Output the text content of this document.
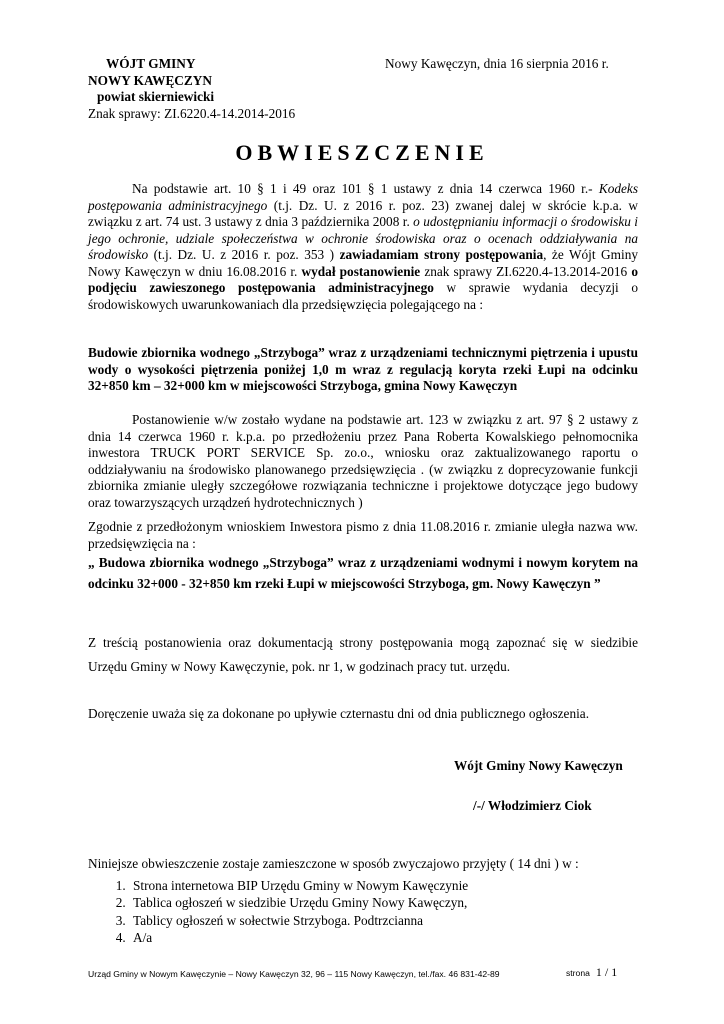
WÓJT GMINY
NOWY KAWĘCZYN
powiat skierniewicki
Znak sprawy: ZI.6220.4-14.2014-2016
Nowy Kawęczyn, dnia 16 sierpnia 2016 r.
OBWIESZCZENIE

Na podstawie art. 10 § 1 i 49 oraz 101 § 1 ustawy z dnia 14 czerwca 1960 r.- Kodeks postępowania administracyjnego (t.j. Dz. U. z 2016 r. poz. 23) zwanej dalej w skrócie k.p.a. w związku z art. 74 ust. 3 ustawy z dnia 3 października 2008 r. o udostępnianiu informacji o środowisku i jego ochronie, udziale społeczeństwa w ochronie środowiska oraz o ocenach oddziaływania na środowisko (t.j. Dz. U. z 2016 r. poz. 353 ) zawiadamiam strony postępowania, że Wójt Gminy Nowy Kawęczyn w dniu 16.08.2016 r. wydał postanowienie znak sprawy ZI.6220.4-13.2014-2016 o podjęciu zawieszonego postępowania administracyjnego w sprawie wydania decyzji o środowiskowych uwarunkowaniach dla przedsięwzięcia polegającego na :

Budowie zbiornika wodnego „Strzyboga” wraz z urządzeniami technicznymi piętrzenia i upustu wody o wysokości piętrzenia poniżej 1,0 m wraz z regulacją koryta rzeki Łupi na odcinku 32+850 km – 32+000 km w miejscowości Strzyboga, gmina Nowy Kawęczyn
Postanowienie w/w zostało wydane na podstawie art. 123 w związku z art. 97 § 2 ustawy z dnia 14 czerwca 1960 r. k.p.a. po przedłożeniu przez Pana Roberta Kowalskiego pełnomocnika inwestora TRUCK PORT SERVICE Sp. zo.o., wniosku oraz zaktualizowanego raportu o oddziaływaniu na środowisko planowanego przedsięwzięcia . (w związku z doprecyzowanie funkcji zbiornika zmianie uległy szczegółowe rozwiązania techniczne i projektowe dotyczące jego budowy oraz towarzyszących urządzeń hydrotechnicznych )

Zgodnie z przedłożonym wnioskiem Inwestora pismo z dnia 11.08.2016 r. zmianie uległa nazwa ww. przedsięwzięcia na :

„ Budowa zbiornika wodnego „Strzyboga” wraz z urządzeniami wodnymi i nowym korytem na odcinku 32+000 - 32+850 km rzeki Łupi w miejscowości Strzyboga, gm. Nowy Kawęczyn ”

Z treścią postanowienia oraz dokumentacją strony postępowania mogą zapoznać się w siedzibie Urzędu Gminy w Nowy Kawęczynie, pok. nr 1, w godzinach pracy tut. urzędu.
Doręczenie uważa się za dokonane po upływie czternastu dni od dnia publicznego ogłoszenia.
Wójt Gminy Nowy Kawęczyn
/-/ Włodzimierz Ciok
Niniejsze obwieszczenie zostaje zamieszczone w sposób zwyczajowo przyjęty ( 14 dni ) w :
1. Strona internetowa BIP Urzędu Gminy w Nowym Kawęczynie
2. Tablica ogłoszeń w siedzibie Urzędu Gminy Nowy Kawęczyn,
3. Tablicy ogłoszeń w sołectwie Strzyboga. Podtrzcianna
4. A/a
Urząd Gminy w Nowym Kawęczynie – Nowy Kawęczyn 32, 96 – 115 Nowy Kawęczyn, tel./fax. 46 831-42-89	strona 1 / 1
